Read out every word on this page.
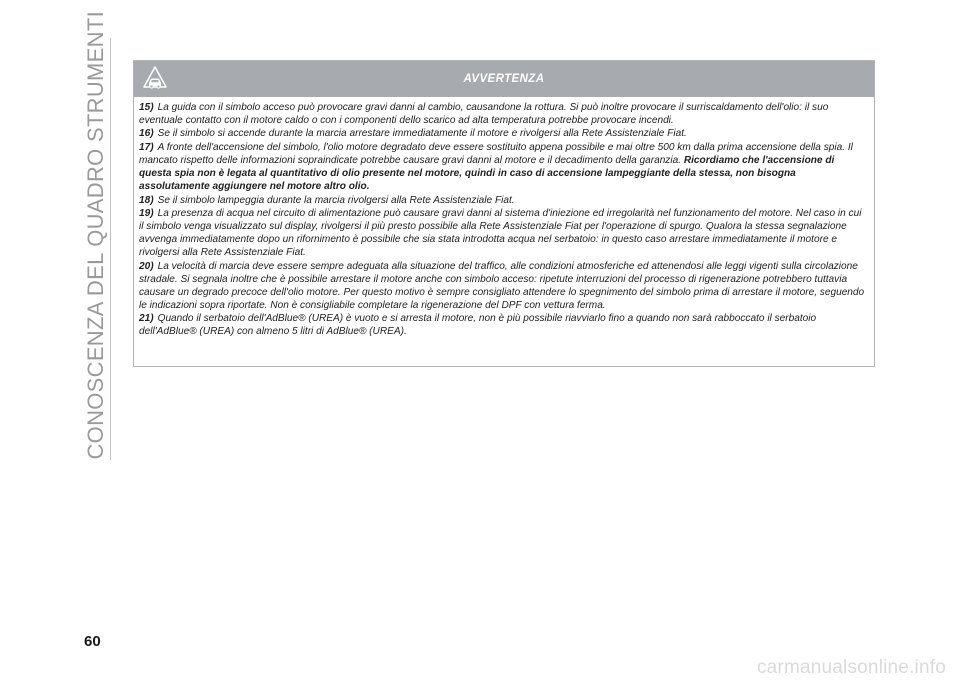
CONOSCENZA DEL QUADRO STRUMENTI	AVVERTENZA

15) La guida con il simbolo acceso può provocare gravi danni al cambio, causandone la rottura. Si può inoltre provocare il surriscaldamento dell'olio: il suo eventuale contatto con il motore caldo o con i componenti dello scarico ad alta temperatura potrebbe provocare incendi.

16) Se il simbolo si accende durante la marcia arrestare immediatamente il motore e rivolgersi alla Rete Assistenziale Fiat.

17) A fronte dell'accensione del simbolo, l'olio motore degradato deve essere sostituito appena possibile e mai oltre 500 km dalla prima accensione della spia. Il mancato rispetto delle informazioni sopraindicate potrebbe causare gravi danni al motore e il decadimento della garanzia. Ricordiamo che l'accensione di questa spia non è legata al quantitativo di olio presente nel motore, quindi in caso di accensione lampeggiante della stessa, non bisogna assolutamente aggiungere nel motore altro olio.

18) Se il simbolo lampeggia durante la marcia rivolgersi alla Rete Assistenziale Fiat.

19) La presenza di acqua nel circuito di alimentazione può causare gravi danni al sistema d'iniezione ed irregolarità nel funzionamento del motore. Nel caso in cui il simbolo venga visualizzato sul display, rivolgersi il più presto possibile alla Rete Assistenziale Fiat per l'operazione di spurgo. Qualora la stessa segnalazione avvenga immediatamente dopo un rifornimento è possibile che sia stata introdotta acqua nel serbatoio: in questo caso arrestare immediatamente il motore e rivolgersi alla Rete Assistenziale Fiat.

20) La velocità di marcia deve essere sempre adeguata alla situazione del traffico, alle condizioni atmosferiche ed attenendosi alle leggi vigenti sulla circolazione stradale. Si segnala inoltre che è possibile arrestare il motore anche con simbolo acceso: ripetute interruzioni del processo di rigenerazione potrebbero tuttavia causare un degrado precoce dell'olio motore. Per questo motivo è sempre consigliato attendere lo spegnimento del simbolo prima di arrestare il motore, seguendo le indicazioni sopra riportate. Non è consigliabile completare la rigenerazione del DPF con vettura ferma.

21) Quando il serbatoio dell'AdBlue® (UREA) è vuoto e si arresta il motore, non è più possibile riavviarlo fino a quando non sarà rabboccato il serbatoio dell'AdBlue® (UREA) con almeno 5 litri di AdBlue® (UREA).

60
carmanualsonline.info
